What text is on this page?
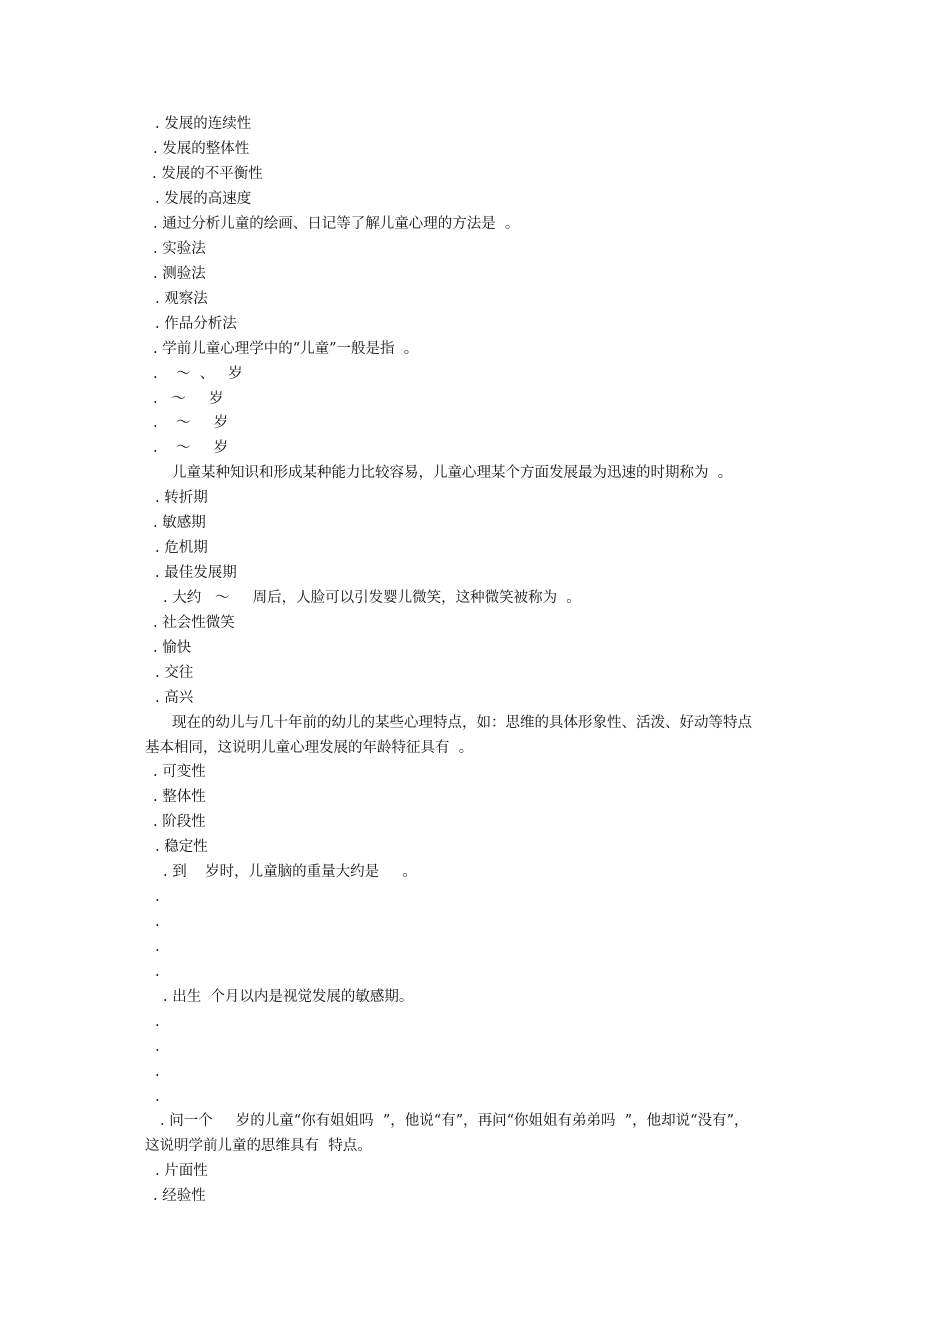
. 发展的连续性
. 发展的整体性
. 发展的不平衡性
. 发展的高速度
. 通过分析儿童的绘画、日记等了解儿童心理的方法是  。
. 实验法
. 测验法
. 观察法
. 作品分析法
. 学前儿童心理学中的“儿童”一般是指  。
.    ～  、   岁
.   ～     岁
.    ～     岁
.    ～     岁
儿童某种知识和形成某种能力比较容易，儿童心理某个方面发展最为迅速的时期称为  。
. 转折期
. 敏感期
. 危机期
. 最佳发展期
. 大约   ～     周后，人脸可以引发婴儿微笑，这种微笑被称为  。
. 社会性微笑
. 愉快
. 交往
. 高兴
现在的幼儿与几十年前的幼儿的某些心理特点，如：思维的具体形象性、活泼、好动等特点
基本相同，这说明儿童心理发展的年龄特征具有  。
. 可变性
. 整体性
. 阶段性
. 稳定性
. 到    岁时，儿童脑的重量大约是     。
.
.
.
.
. 出生  个月以内是视觉发展的敏感期。
.
.
.
.
. 问一个     岁的儿童“你有姐姐吗  ”，他说“有”，再问“你姐姐有弟弟吗  ”，他却说“没有”，
这说明学前儿童的思维具有  特点。
. 片面性
. 经验性
